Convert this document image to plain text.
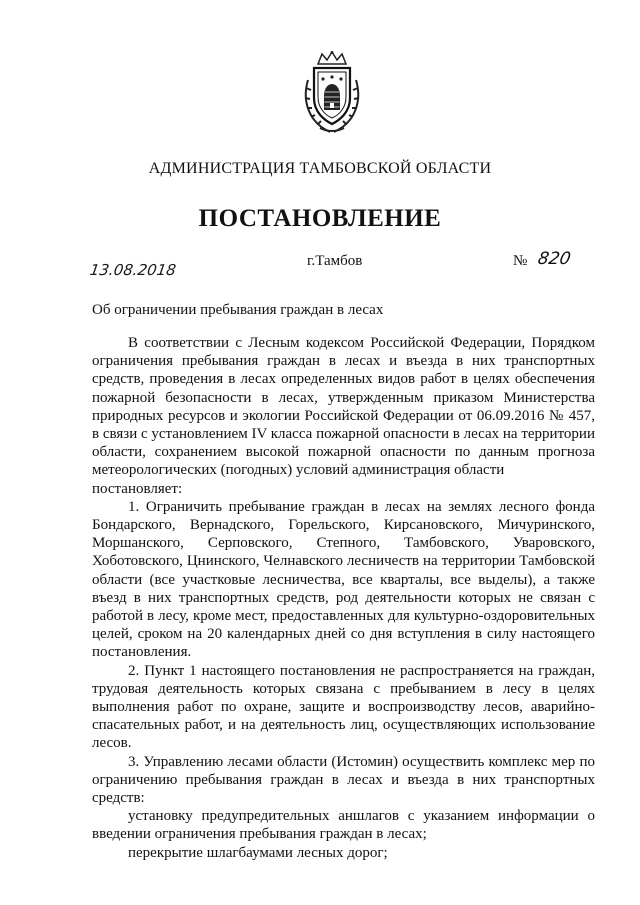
АДМИНИСТРАЦИЯ ТАМБОВСКОЙ ОБЛАСТИ
ПОСТАНОВЛЕНИЕ
13.08.2018	г.Тамбов	№ 820
Об ограничении пребывания граждан в лесах

В соответствии с Лесным кодексом Российской Федерации, Порядком ограничения пребывания граждан в лесах и въезда в них транспортных средств, проведения в лесах определенных видов работ в целях обеспечения пожарной безопасности в лесах, утвержденным приказом Министерства природных ресурсов и экологии Российской Федерации от 06.09.2016 № 457, в связи с установлением IV класса пожарной опасности в лесах на территории области, сохранением высокой пожарной опасности по данным прогноза метеорологических (погодных) условий администрация области

постановляет:

1. Ограничить пребывание граждан в лесах на землях лесного фонда Бондарского, Вернадского, Горельского, Кирсановского, Мичуринского, Моршанского, Серповского, Степного, Тамбовского, Уваровского, Хоботовского, Цнинского, Челнавского лесничеств на территории Тамбовской области (все участковые лесничества, все кварталы, все выделы), а также въезд в них транспортных средств, род деятельности которых не связан с работой в лесу, кроме мест, предоставленных для культурно-оздоровительных целей, сроком на 20 календарных дней со дня вступления в силу настоящего постановления.

2. Пункт 1 настоящего постановления не распространяется на граждан, трудовая деятельность которых связана с пребыванием в лесу в целях выполнения работ по охране, защите и воспроизводству лесов, аварийно-спасательных работ, и на деятельность лиц, осуществляющих использование лесов.

3. Управлению лесами области (Истомин) осуществить комплекс мер по ограничению пребывания граждан в лесах и въезда в них транспортных средств:

установку предупредительных аншлагов с указанием информации о введении ограничения пребывания граждан в лесах;

перекрытие шлагбаумами лесных дорог;
